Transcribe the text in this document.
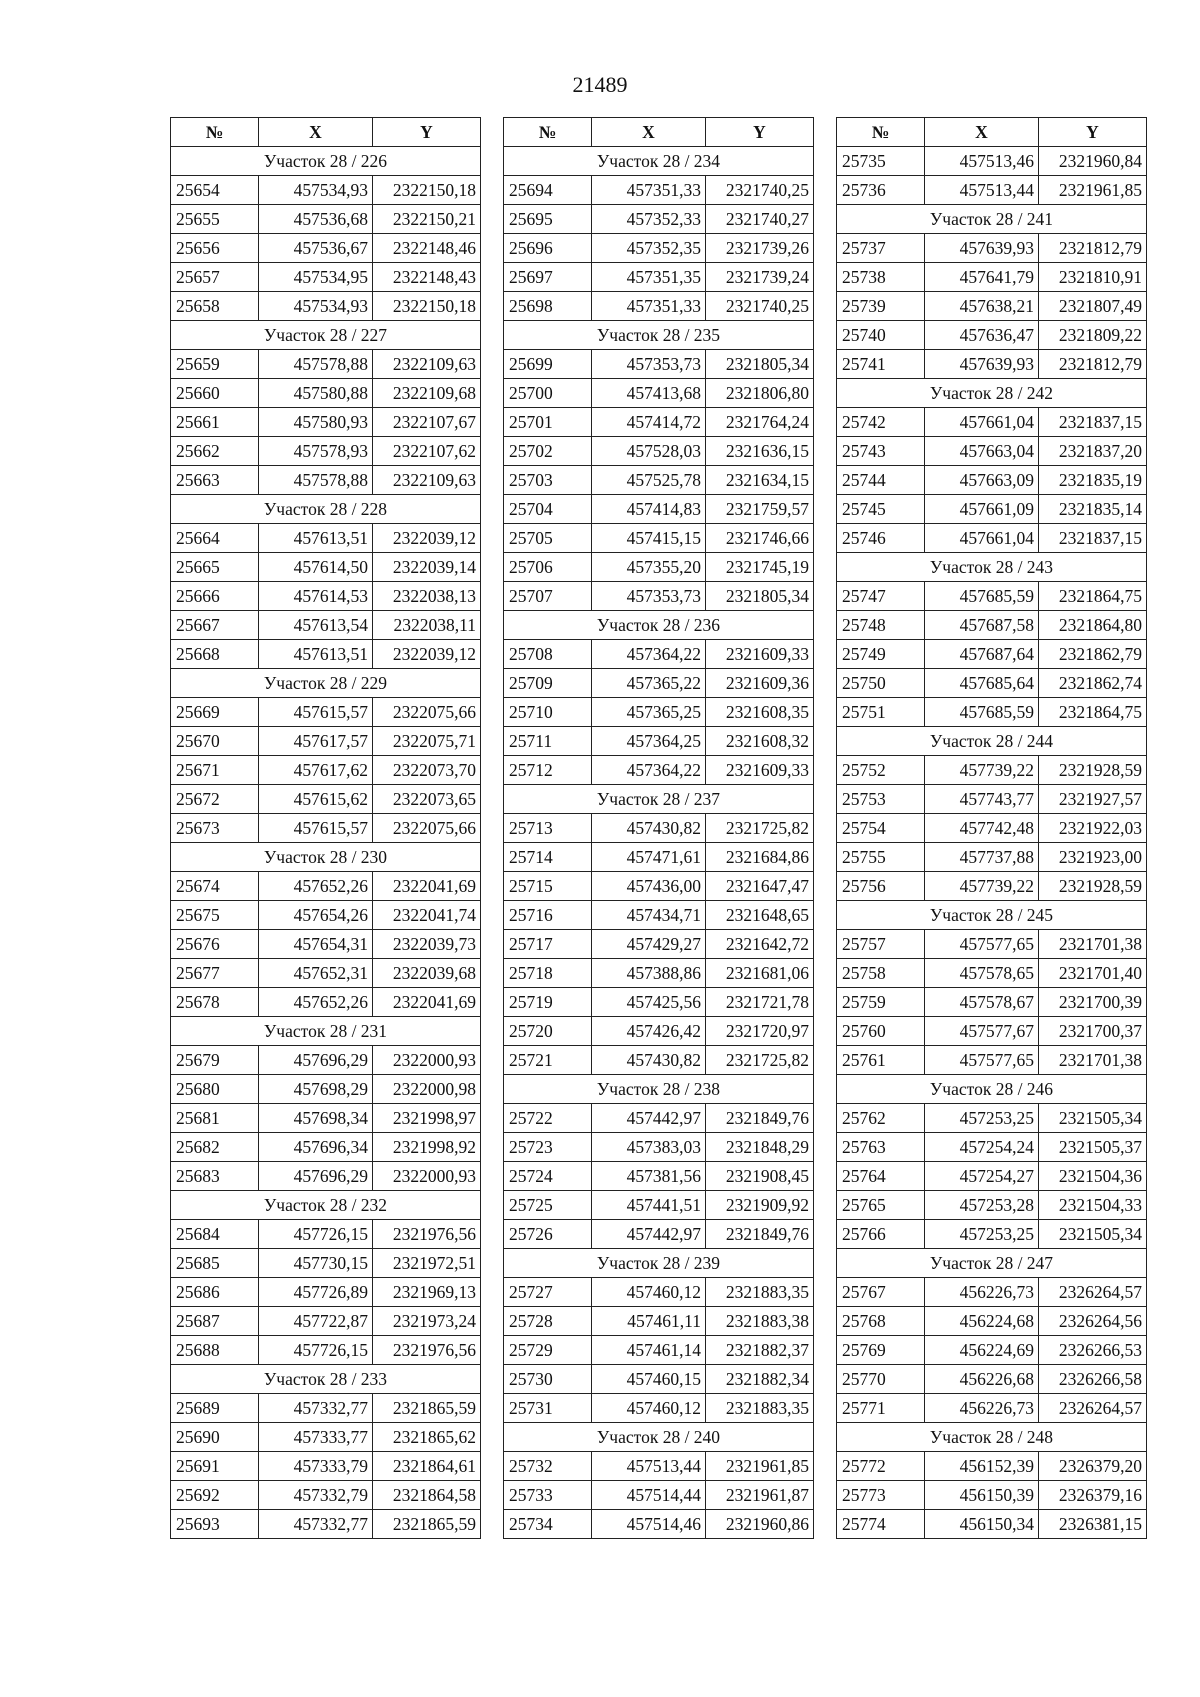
21489
№	X	Y
Участок 28 / 226		
25654	457534,93	2322150,18
25655	457536,68	2322150,21
25656	457536,67	2322148,46
25657	457534,95	2322148,43
25658	457534,93	2322150,18
Участок 28 / 227		
25659	457578,88	2322109,63
25660	457580,88	2322109,68
25661	457580,93	2322107,67
25662	457578,93	2322107,62
25663	457578,88	2322109,63
Участок 28 / 228		
25664	457613,51	2322039,12
25665	457614,50	2322039,14
25666	457614,53	2322038,13
25667	457613,54	2322038,11
25668	457613,51	2322039,12
Участок 28 / 229		
25669	457615,57	2322075,66
25670	457617,57	2322075,71
25671	457617,62	2322073,70
25672	457615,62	2322073,65
25673	457615,57	2322075,66
Участок 28 / 230		
25674	457652,26	2322041,69
25675	457654,26	2322041,74
25676	457654,31	2322039,73
25677	457652,31	2322039,68
25678	457652,26	2322041,69
Участок 28 / 231		
25679	457696,29	2322000,93
25680	457698,29	2322000,98
25681	457698,34	2321998,97
25682	457696,34	2321998,92
25683	457696,29	2322000,93
Участок 28 / 232		
25684	457726,15	2321976,56
25685	457730,15	2321972,51
25686	457726,89	2321969,13
25687	457722,87	2321973,24
25688	457726,15	2321976,56
Участок 28 / 233		
25689	457332,77	2321865,59
25690	457333,77	2321865,62
25691	457333,79	2321864,61
25692	457332,79	2321864,58
25693	457332,77	2321865,59
№	X	Y
Участок 28 / 234		
25694	457351,33	2321740,25
25695	457352,33	2321740,27
25696	457352,35	2321739,26
25697	457351,35	2321739,24
25698	457351,33	2321740,25
Участок 28 / 235		
25699	457353,73	2321805,34
25700	457413,68	2321806,80
25701	457414,72	2321764,24
25702	457528,03	2321636,15
25703	457525,78	2321634,15
25704	457414,83	2321759,57
25705	457415,15	2321746,66
25706	457355,20	2321745,19
25707	457353,73	2321805,34
Участок 28 / 236		
25708	457364,22	2321609,33
25709	457365,22	2321609,36
25710	457365,25	2321608,35
25711	457364,25	2321608,32
25712	457364,22	2321609,33
Участок 28 / 237		
25713	457430,82	2321725,82
25714	457471,61	2321684,86
25715	457436,00	2321647,47
25716	457434,71	2321648,65
25717	457429,27	2321642,72
25718	457388,86	2321681,06
25719	457425,56	2321721,78
25720	457426,42	2321720,97
25721	457430,82	2321725,82
Участок 28 / 238		
25722	457442,97	2321849,76
25723	457383,03	2321848,29
25724	457381,56	2321908,45
25725	457441,51	2321909,92
25726	457442,97	2321849,76
Участок 28 / 239		
25727	457460,12	2321883,35
25728	457461,11	2321883,38
25729	457461,14	2321882,37
25730	457460,15	2321882,34
25731	457460,12	2321883,35
Участок 28 / 240		
25732	457513,44	2321961,85
25733	457514,44	2321961,87
25734	457514,46	2321960,86
№	X	Y
25735	457513,46	2321960,84
25736	457513,44	2321961,85
Участок 28 / 241		
25737	457639,93	2321812,79
25738	457641,79	2321810,91
25739	457638,21	2321807,49
25740	457636,47	2321809,22
25741	457639,93	2321812,79
Участок 28 / 242		
25742	457661,04	2321837,15
25743	457663,04	2321837,20
25744	457663,09	2321835,19
25745	457661,09	2321835,14
25746	457661,04	2321837,15
Участок 28 / 243		
25747	457685,59	2321864,75
25748	457687,58	2321864,80
25749	457687,64	2321862,79
25750	457685,64	2321862,74
25751	457685,59	2321864,75
Участок 28 / 244		
25752	457739,22	2321928,59
25753	457743,77	2321927,57
25754	457742,48	2321922,03
25755	457737,88	2321923,00
25756	457739,22	2321928,59
Участок 28 / 245		
25757	457577,65	2321701,38
25758	457578,65	2321701,40
25759	457578,67	2321700,39
25760	457577,67	2321700,37
25761	457577,65	2321701,38
Участок 28 / 246		
25762	457253,25	2321505,34
25763	457254,24	2321505,37
25764	457254,27	2321504,36
25765	457253,28	2321504,33
25766	457253,25	2321505,34
Участок 28 / 247		
25767	456226,73	2326264,57
25768	456224,68	2326264,56
25769	456224,69	2326266,53
25770	456226,68	2326266,58
25771	456226,73	2326264,57
Участок 28 / 248		
25772	456152,39	2326379,20
25773	456150,39	2326379,16
25774	456150,34	2326381,15
